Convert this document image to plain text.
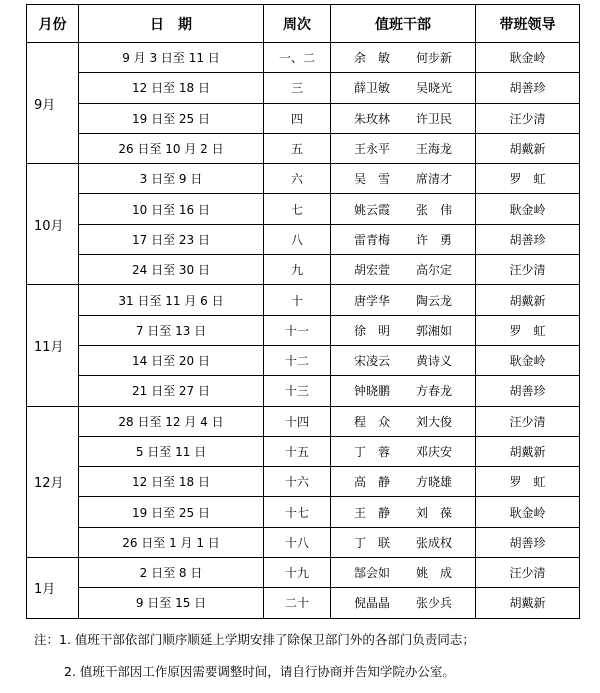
月份	日　期	周次	值班干部	带班领导
9月	9 月 3 日至 11 日	一、二	余　敏 何步新	耿金岭
	12 日至 18 日	三	薛卫敏 吴晓光	胡善珍
	19 日至 25 日	四	朱玫林 许卫民	汪少清
	26 日至 10 月 2 日	五	王永平 王海龙	胡戴新
10月	3 日至 9 日	六	吴　雪 席清才	罗　虹
	10 日至 16 日	七	姚云霞 张　伟	耿金岭
	17 日至 23 日	八	雷青梅 许　勇	胡善珍
	24 日至 30 日	九	胡宏萱 高尔定	汪少清
11月	31 日至 11 月 6 日	十	唐学华 陶云龙	胡戴新
	7 日至 13 日	十一	徐　明 郭湘如	罗　虹
	14 日至 20 日	十二	宋凌云 黄诗义	耿金岭
	21 日至 27 日	十三	钟晓鹏 方春龙	胡善珍
12月	28 日至 12 月 4 日	十四	程　众 刘大俊	汪少清
	5 日至 11 日	十五	丁　蓉 邓庆安	胡戴新
	12 日至 18 日	十六	高　静 方晓雄	罗　虹
	19 日至 25 日	十七	王　静 刘　葆	耿金岭
	26 日至 1 月 1 日	十八	丁　联 张成权	胡善珍
1月	2 日至 8 日	十九	郜会如 姚　成	汪少清
	9 日至 15 日	二十	倪晶晶 张少兵	胡戴新
注：1. 值班干部依部门顺序顺延上学期安排了除保卫部门外的各部门负责同志；
2. 值班干部因工作原因需要调整时间，请自行协商并告知学院办公室。
